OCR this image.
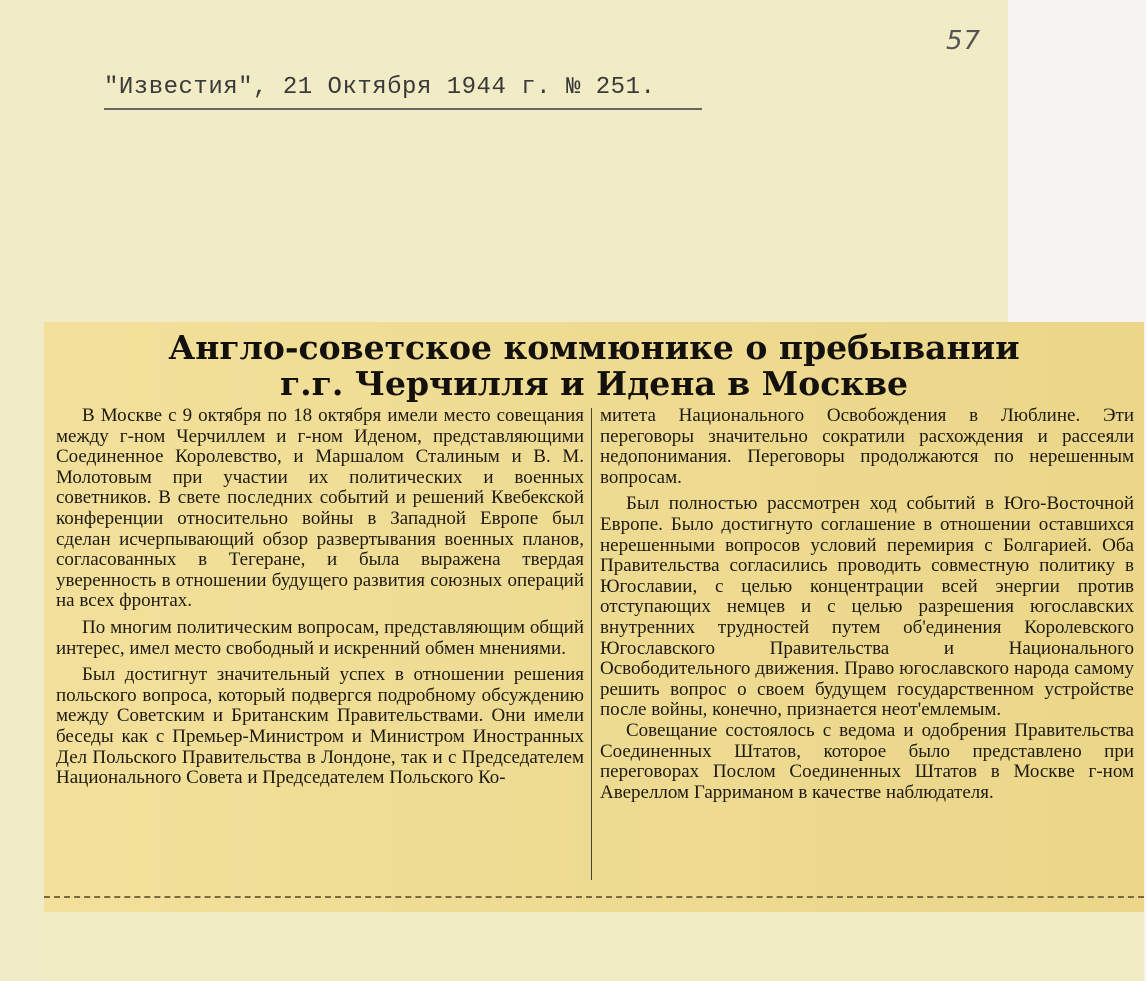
57
"Известия", 21 Октября 1944 г. № 251.
Англо-советское коммюнике о пребывании
г.г. Черчилля и Идена в Москве

В Москве с 9 октября по 18 октября имели место совещания между г-ном Черчиллем и г-ном Иденом, представляющими Соединенное Королевство, и Маршалом Сталиным и В. М. Молотовым при участии их политических и военных советников. В свете последних событий и решений Квебекской конференции относительно войны в Западной Европе был сделан исчерпывающий обзор развертывания военных планов, согласованных в Тегеране, и была выражена твердая уверенность в отношении будущего развития союзных операций на всех фронтах.

По многим политическим вопросам, представляющим общий интерес, имел место свободный и искренний обмен мнениями.

Был достигнут значительный успех в отношении решения польского вопроса, который подвергся подробному обсуждению между Советским и Британским Правительствами. Они имели беседы как с Премьер-Министром и Министром Иностранных Дел Польского Правительства в Лондоне, так и с Председателем Национального Совета и Председателем Польского Ко-

митета Национального Освобождения в Люблине. Эти переговоры значительно сократили расхождения и рассеяли недопонимания. Переговоры продолжаются по нерешенным вопросам.

Был полностью рассмотрен ход событий в Юго-Восточной Европе. Было достигнуто соглашение в отношении оставшихся нерешенными вопросов условий перемирия с Болгарией. Оба Правительства согласились проводить совместную политику в Югославии, с целью концентрации всей энергии против отступающих немцев и с целью разрешения югославских внутренних трудностей путем об'единения Королевского Югославского Правительства и Национального Освободительного движения. Право югославского народа самому решить вопрос о своем будущем государственном устройстве после войны, конечно, признается неот'емлемым.

Совещание состоялось с ведома и одобрения Правительства Соединенных Штатов, которое было представлено при переговорах Послом Соединенных Штатов в Москве г-ном Авереллом Гарриманом в качестве наблюдателя.
